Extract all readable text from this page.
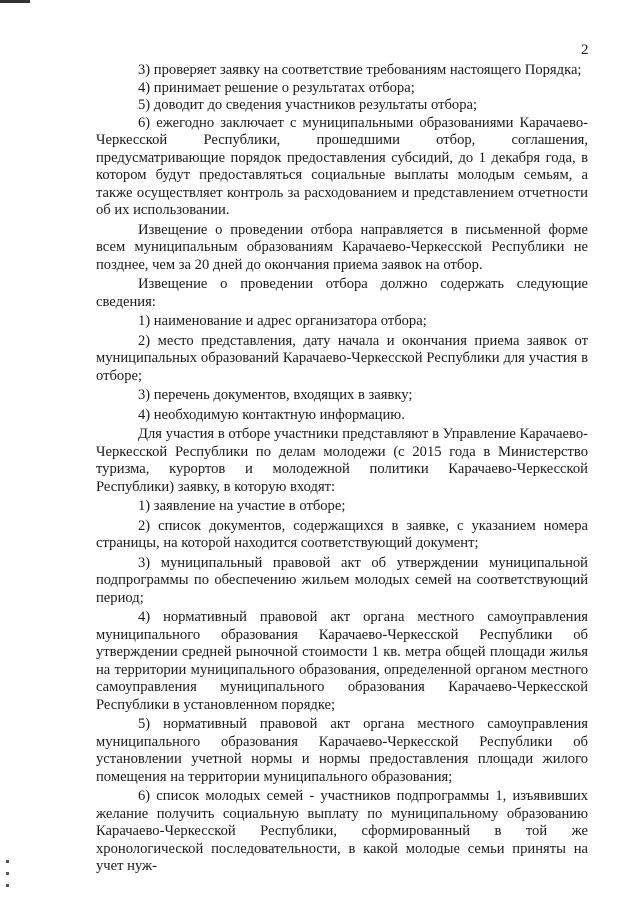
2

3) проверяет заявку на соответствие требованиям настоящего Порядка;

4) принимает решение о результатах отбора;

5) доводит до сведения участников результаты отбора;

6) ежегодно заключает с муниципальными образованиями Карачаево-Черкесской Республики, прошедшими отбор, соглашения, предусматривающие порядок предоставления субсидий, до 1 декабря года, в котором будут предоставляться социальные выплаты молодым семьям, а также осуществляет контроль за расходованием и представлением отчетности об их использовании.

Извещение о проведении отбора направляется в письменной форме всем муниципальным образованиям Карачаево-Черкесской Республики не позднее, чем за 20 дней до окончания приема заявок на отбор.

Извещение о проведении отбора должно содержать следующие сведения:

1) наименование и адрес организатора отбора;

2) место представления, дату начала и окончания приема заявок от муниципальных образований Карачаево-Черкесской Республики для участия в отборе;

3) перечень документов, входящих в заявку;

4) необходимую контактную информацию.

Для участия в отборе участники представляют в Управление Карачаево-Черкесской Республики по делам молодежи (с 2015 года в Министерство туризма, курортов и молодежной политики Карачаево-Черкесской Республики) заявку, в которую входят:

1) заявление на участие в отборе;

2) список документов, содержащихся в заявке, с указанием номера страницы, на которой находится соответствующий документ;

3) муниципальный правовой акт об утверждении муниципальной подпрограммы по обеспечению жильем молодых семей на соответствующий период;

4) нормативный правовой акт органа местного самоуправления муниципального образования Карачаево-Черкесской Республики об утверждении средней рыночной стоимости 1 кв. метра общей площади жилья на территории муниципального образования, определенной органом местного самоуправления муниципального образования Карачаево-Черкесской Республики в установленном порядке;

5) нормативный правовой акт органа местного самоуправления муниципального образования Карачаево-Черкесской Республики об установлении учетной нормы и нормы предоставления площади жилого помещения на территории муниципального образования;

6) список молодых семей - участников подпрограммы 1, изъявивших желание получить социальную выплату по муниципальному образованию Карачаево-Черкесской Республики, сформированный в той же хронологической последовательности, в какой молодые семьи приняты на учет нуж-
